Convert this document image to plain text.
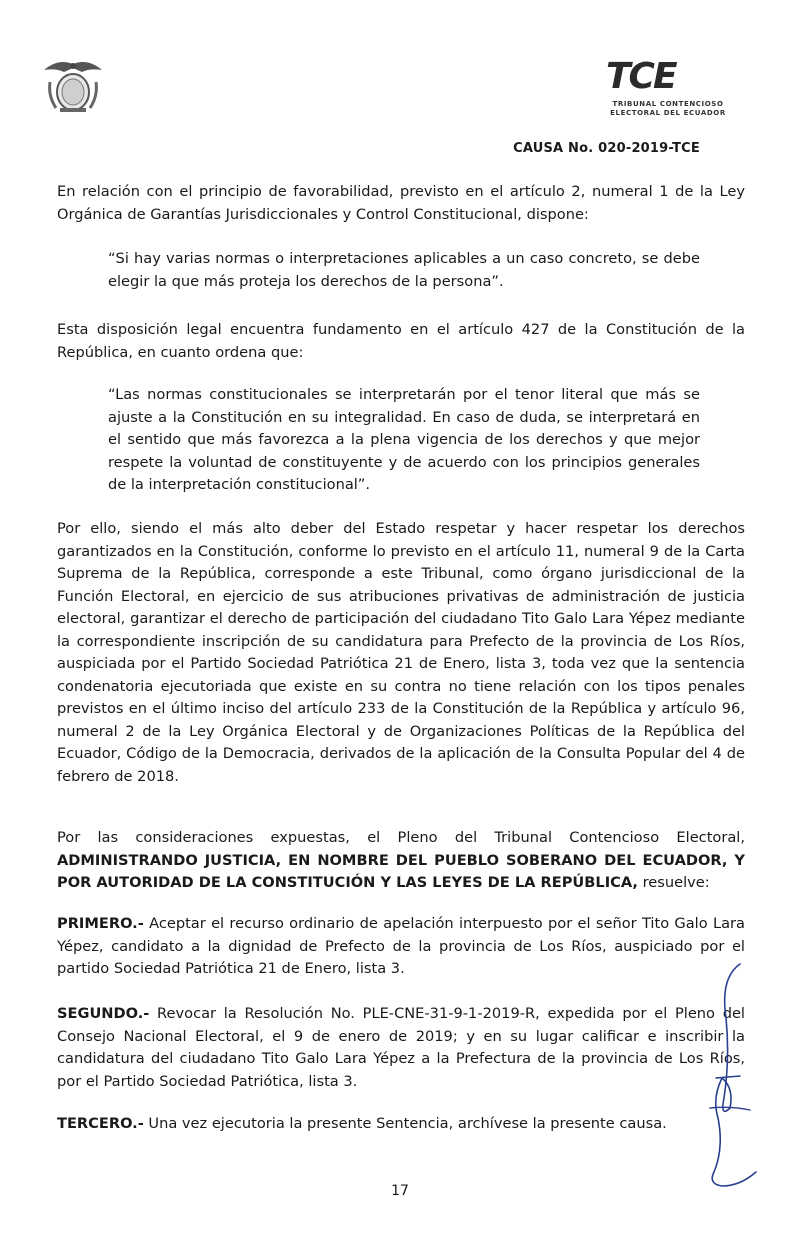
TCE
TRIBUNAL CONTENCIOSO
ELECTORAL DEL ECUADOR
CAUSA No. 020-2019-TCE

En relación con el principio de favorabilidad, previsto en el artículo 2, numeral 1 de la Ley Orgánica de Garantías Jurisdiccionales y Control Constitucional, dispone:

“Si hay varias normas o interpretaciones aplicables a un caso concreto, se debe elegir la que más proteja los derechos de la persona”.

Esta disposición legal encuentra fundamento en el artículo 427 de la Constitución de la República, en cuanto ordena que:

“Las normas constitucionales se interpretarán por el tenor literal que más se ajuste a la Constitución en su integralidad. En caso de duda, se interpretará en el sentido que más favorezca a la plena vigencia de los derechos y que mejor respete la voluntad de constituyente y de acuerdo con los principios generales de la interpretación constitucional”.

Por ello, siendo el más alto deber del Estado respetar y hacer respetar los derechos garantizados en la Constitución, conforme lo previsto en el artículo 11, numeral 9 de la Carta Suprema de la República, corresponde a este Tribunal, como órgano jurisdiccional de la Función Electoral, en ejercicio de sus atribuciones privativas de administración de justicia electoral, garantizar el derecho de participación del ciudadano Tito Galo Lara Yépez mediante la correspondiente inscripción de su candidatura para Prefecto de la provincia de Los Ríos, auspiciada por el Partido Sociedad Patriótica 21 de Enero, lista 3, toda vez que la sentencia condenatoria ejecutoriada que existe en su contra no tiene relación con los tipos penales previstos en el último inciso del artículo 233 de la Constitución de la República y artículo 96, numeral 2 de la Ley Orgánica Electoral y de Organizaciones Políticas de la República del Ecuador, Código de la Democracia, derivados de la aplicación de la Consulta Popular del 4 de febrero de 2018.

Por las consideraciones expuestas, el Pleno del Tribunal Contencioso Electoral, ADMINISTRANDO JUSTICIA, EN NOMBRE DEL PUEBLO SOBERANO DEL ECUADOR, Y POR AUTORIDAD DE LA CONSTITUCIÓN Y LAS LEYES DE LA REPÚBLICA, resuelve:

PRIMERO.- Aceptar el recurso ordinario de apelación interpuesto por el señor Tito Galo Lara Yépez, candidato a la dignidad de Prefecto de la provincia de Los Ríos, auspiciado por el partido Sociedad Patriótica 21 de Enero, lista 3.

SEGUNDO.- Revocar la Resolución No. PLE-CNE-31-9-1-2019-R, expedida por el Pleno del Consejo Nacional Electoral, el 9 de enero de 2019; y en su lugar calificar e inscribir la candidatura del ciudadano Tito Galo Lara Yépez a la Prefectura de la provincia de Los Ríos, por el Partido Sociedad Patriótica, lista 3.

TERCERO.- Una vez ejecutoria la presente Sentencia, archívese la presente causa.

17
